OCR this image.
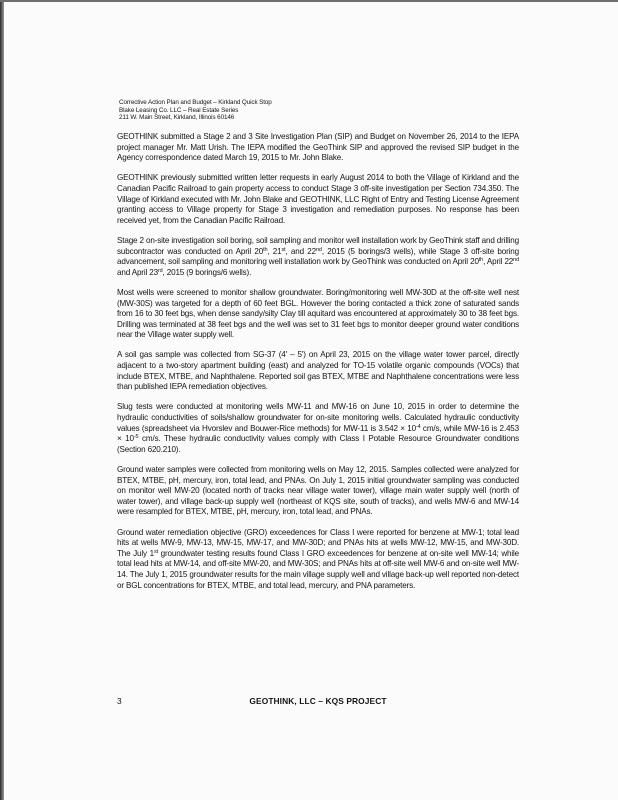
Corrective Action Plan and Budget – Kirkland Quick Stop
Blake Leasing Co. LLC – Real Estate Series
211 W. Main Street, Kirkland, Illinois 60146

GEOTHINK submitted a Stage 2 and 3 Site Investigation Plan (SIP) and Budget on November 26, 2014 to the IEPA project manager Mr. Matt Urish. The IEPA modified the GeoThink SIP and approved the revised SIP budget in the Agency correspondence dated March 19, 2015 to Mr. John Blake.

GEOTHINK previously submitted written letter requests in early August 2014 to both the Village of Kirkland and the Canadian Pacific Railroad to gain property access to conduct Stage 3 off-site investigation per Section 734.350. The Village of Kirkland executed with Mr. John Blake and GEOTHINK, LLC Right of Entry and Testing License Agreement granting access to Village property for Stage 3 investigation and remediation purposes. No response has been received yet, from the Canadian Pacific Railroad.

Stage 2 on-site investigation soil boring, soil sampling and monitor well installation work by GeoThink staff and drilling subcontractor was conducted on April 20th, 21st, and 22nd, 2015 (5 borings/3 wells), while Stage 3 off-site boring advancement, soil sampling and monitoring well installation work by GeoThink was conducted on April 20th, April 22nd and April 23rd, 2015 (9 borings/6 wells).

Most wells were screened to monitor shallow groundwater. Boring/monitoring well MW-30D at the off-site well nest (MW-30S) was targeted for a depth of 60 feet BGL. However the boring contacted a thick zone of saturated sands from 16 to 30 feet bgs, when dense sandy/silty Clay till aquitard was encountered at approximately 30 to 38 feet bgs. Drilling was terminated at 38 feet bgs and the well was set to 31 feet bgs to monitor deeper ground water conditions near the Village water supply well.

A soil gas sample was collected from SG-37 (4' – 5') on April 23, 2015 on the village water tower parcel, directly adjacent to a two-story apartment building (east) and analyzed for TO-15 volatile organic compounds (VOCs) that include BTEX, MTBE, and Naphthalene. Reported soil gas BTEX, MTBE and Naphthalene concentrations were less than published IEPA remediation objectives.

Slug tests were conducted at monitoring wells MW-11 and MW-16 on June 10, 2015 in order to determine the hydraulic conductivities of soils/shallow groundwater for on-site monitoring wells. Calculated hydraulic conductivity values (spreadsheet via Hvorslev and Bouwer-Rice methods) for MW-11 is $3.542 \times 10^{-4}$ cm/s, while MW-16 is $2.453 \times 10^{-5}$ cm/s. These hydraulic conductivity values comply with Class I Potable Resource Groundwater conditions (Section 620.210).

Ground water samples were collected from monitoring wells on May 12, 2015. Samples collected were analyzed for BTEX, MTBE, pH, mercury, iron, total lead, and PNAs. On July 1, 2015 initial groundwater sampling was conducted on monitor well MW-20 (located north of tracks near village water tower), village main water supply well (north of water tower), and village back-up supply well (northeast of KQS site, south of tracks), and wells MW-6 and MW-14 were resampled for BTEX, MTBE, pH, mercury, iron, total lead, and PNAs.

Ground water remediation objective (GRO) exceedences for Class I were reported for benzene at MW-1; total lead hits at wells MW-9, MW-13, MW-15, MW-17, and MW-30D; and PNAs hits at wells MW-12, MW-15, and MW-30D. The July 1st groundwater testing results found Class I GRO exceedences for benzene at on-site well MW-14; while total lead hits at MW-14, and off-site MW-20, and MW-30S; and PNAs hits at off-site well MW-6 and on-site well MW-14. The July 1, 2015 groundwater results for the main village supply well and village back-up well reported non-detect or BGL concentrations for BTEX, MTBE, and total lead, mercury, and PNA parameters.

3	GEOTHINK, LLC – KQS PROJECT
